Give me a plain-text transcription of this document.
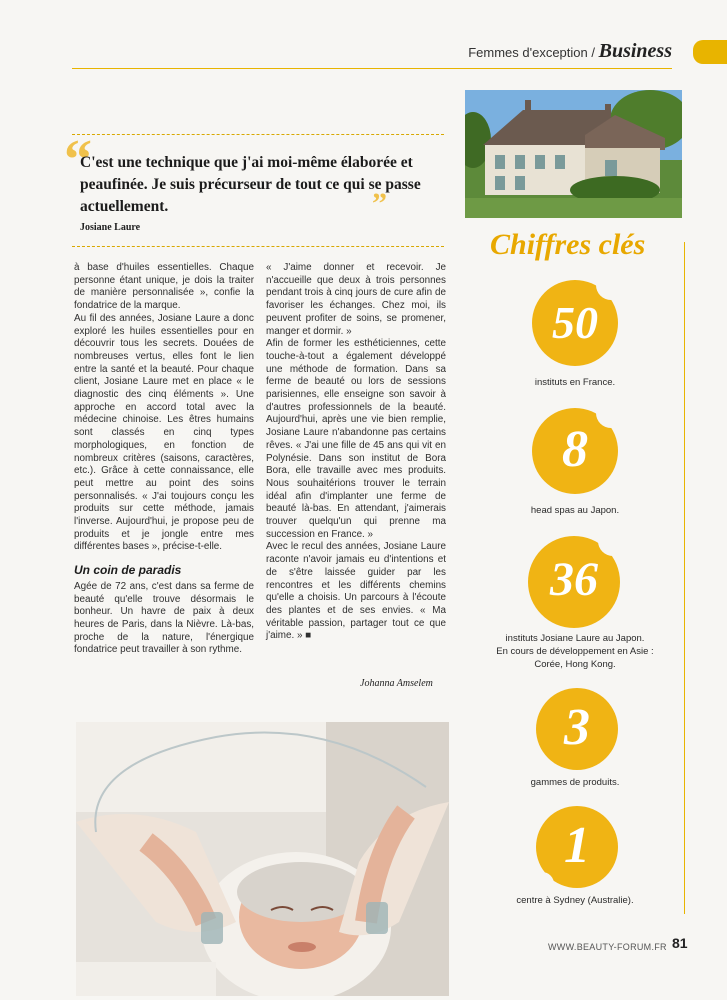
Femmes d'exception / Business
“
C'est une technique que j'ai moi-même élaborée et peaufinée. Je suis précurseur de tout ce qui se passe actuellement.	”
Josiane Laure

à base d'huiles essentielles. Chaque personne étant unique, je dois la traiter de manière personnalisée », confie la fondatrice de la marque.

Au fil des années, Josiane Laure a donc exploré les huiles essentielles pour en découvrir tous les secrets. Douées de nombreuses vertus, elles font le lien entre la santé et la beauté. Pour chaque client, Josiane Laure met en place « le diagnostic des cinq éléments ». Une approche en accord total avec la médecine chinoise. Les êtres humains sont classés en cinq types morphologiques, en fonction de nombreux critères (saisons, caractères, etc.). Grâce à cette connaissance, elle peut mettre au point des soins personnalisés. « J'ai toujours conçu les produits sur cette méthode, jamais l'inverse. Aujourd'hui, je propose peu de produits et je jongle entre mes différentes bases », précise-t-elle.

Un coin de paradis

Agée de 72 ans, c'est dans sa ferme de beauté qu'elle trouve désormais le bonheur. Un havre de paix à deux heures de Paris, dans la Nièvre. Là-bas, proche de la nature, l'énergique fondatrice peut travailler à son rythme.

« J'aime donner et recevoir. Je n'accueille que deux à trois personnes pendant trois à cinq jours de cure afin de favoriser les échanges. Chez moi, ils peuvent profiter de soins, se promener, manger et dormir. »

Afin de former les esthéticiennes, cette touche-à-tout a également développé une méthode de formation. Dans sa ferme de beauté ou lors de sessions parisiennes, elle enseigne son savoir à d'autres professionnels de la beauté. Aujourd'hui, après une vie bien remplie, Josiane Laure n'abandonne pas certains rêves. « J'ai une fille de 45 ans qui vit en Polynésie. Dans son institut de Bora Bora, elle travaille avec mes produits. Nous souhaitérions trouver le terrain idéal afin d'implanter une ferme de beauté là-bas. En attendant, j'aimerais trouver quelqu'un qui prenne ma succession en France. »

Avec le recul des années, Josiane Laure raconte n'avoir jamais eu d'intentions et de s'être laissée guider par les rencontres et les différents chemins qu'elle a choisis. Un parcours à l'écoute des plantes et de ses envies. « Ma véritable passion, partager tout ce que j'aime. » ■

Johanna Amselem
Chiffres clés
50
instituts en France.
8
head spas au Japon.
36
instituts Josiane Laure au Japon.
En cours de développement en Asie :
Corée, Hong Kong.
3
gammes de produits.
1
centre à Sydney (Australie).
WWW.BEAUTY-FORUM.FR 81
